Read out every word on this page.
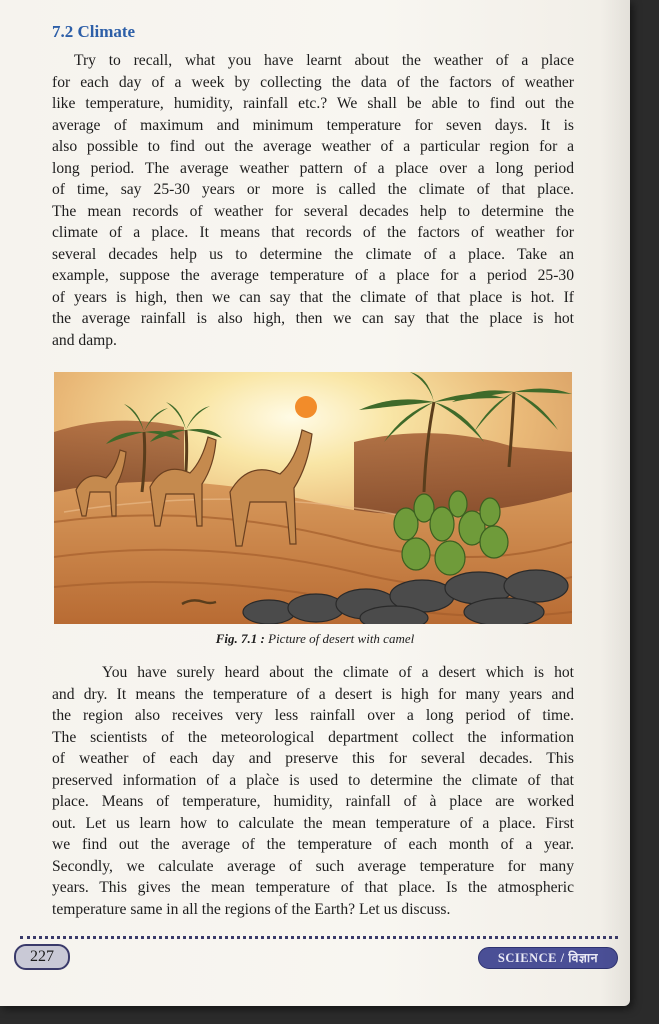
7.2 Climate
Try to recall, what you have learnt about the weather of a place
for each day of a week by collecting the data of the factors of weather
like temperature, humidity, rainfall etc.? We shall be able to find out the
average of maximum and minimum temperature for seven days. It is
also possible to find out the average weather of a particular region for a
long period. The average weather pattern of a place over a long period
of time, say 25-30 years or more is called the climate of that place.
The mean records of weather for several decades help to determine the
climate of a place. It means that records of the factors of weather for
several decades help us to determine the climate of a place. Take an
example, suppose the average temperature of a place for a period 25-30
of years is high, then we can say that the climate of that place is hot. If
the average rainfall is also high, then we can say that the place is hot
and damp.
Fig. 7.1 : Picture of desert with camel
You have surely heard about the climate of a desert which is hot
and dry. It means the temperature of a desert is high for many years and
the region also receives very less rainfall over a long period of time.
The scientists of the meteorological department collect the information
of weather of each day and preserve this for several decades. This
preserved information of a plac̀e is used to determine the climate of that
place. Means of temperature, humidity, rainfall of à place are worked
out. Let us learn how to calculate the mean temperature of a place. First
we find out the average of the temperature of each month of a year.
Secondly, we calculate average of such average temperature for many
years. This gives the mean temperature of that place. Is the atmospheric
temperature same in all the regions of the Earth? Let us discuss.
227	SCIENCE / विज्ञान
